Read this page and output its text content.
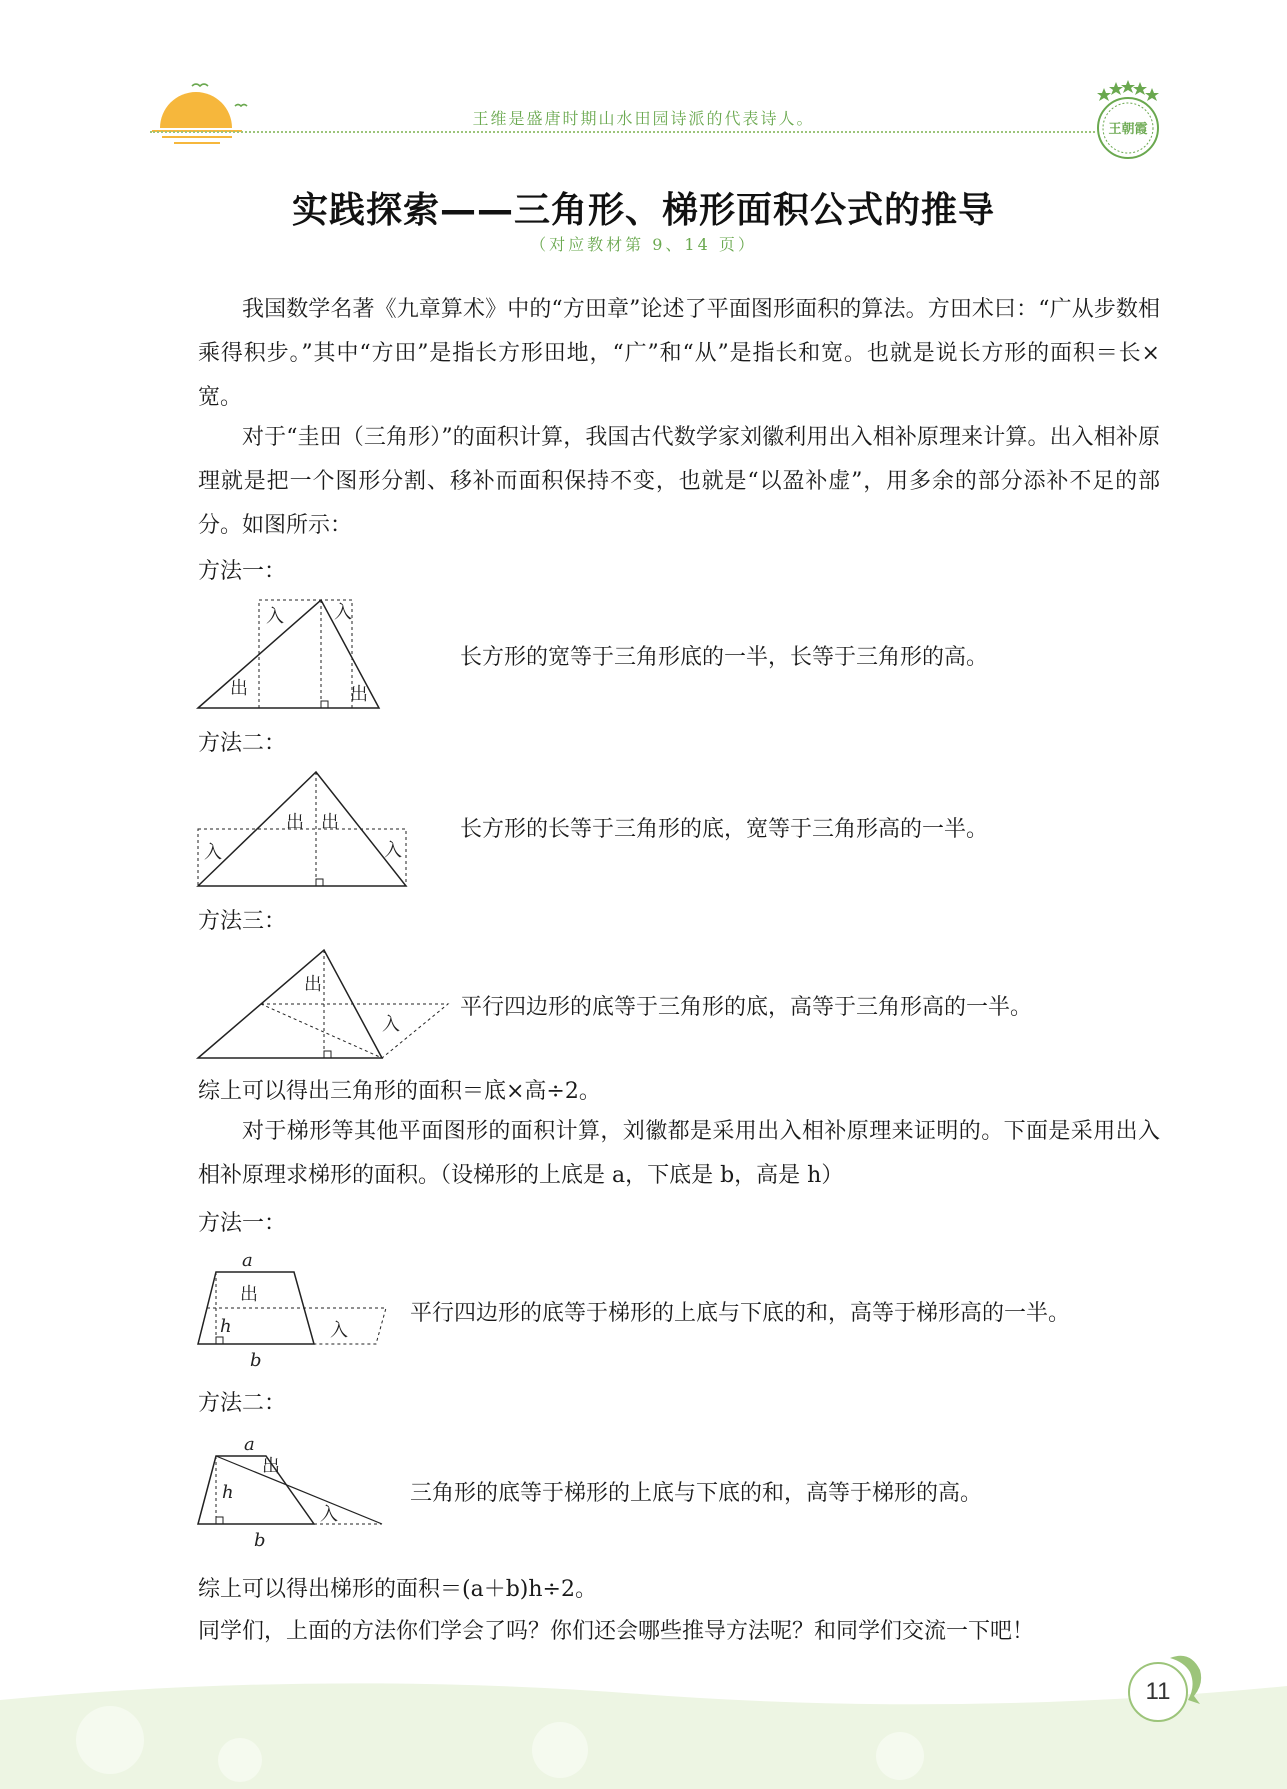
王维是盛唐时期山水田园诗派的代表诗人。
王朝霞
实践探索——三角形、梯形面积公式的推导
（对应教材第 9、14 页）
我国数学名著《九章算术》中的“方田章”论述了平面图形面积的算法。方田术曰：“广从步数相乘得积步。”其中“方田”是指长方形田地，“广”和“从”是指长和宽。也就是说长方形的面积＝长×宽。
对于“圭田（三角形）”的面积计算，我国古代数学家刘徽利用出入相补原理来计算。出入相补原理就是把一个图形分割、移补而面积保持不变，也就是“以盈补虚”，用多余的部分添补不足的部分。如图所示：
方法一：
入	入
出	出
长方形的宽等于三角形底的一半，长等于三角形的高。
方法二：
入
出 出
入
长方形的长等于三角形的底，宽等于三角形高的一半。
方法三：
出
入
平行四边形的底等于三角形的底，高等于三角形高的一半。
综上可以得出三角形的面积＝底×高÷2。
对于梯形等其他平面图形的面积计算，刘徽都是采用出入相补原理来证明的。下面是采用出入相补原理求梯形的面积。（设梯形的上底是 a，下底是 b，高是 h）
方法一：
a
出
h	入
b
平行四边形的底等于梯形的上底与下底的和，高等于梯形高的一半。
方法二：
a
出
h
入
b
三角形的底等于梯形的上底与下底的和，高等于梯形的高。
综上可以得出梯形的面积＝(a＋b)h÷2。
同学们，上面的方法你们学会了吗？你们还会哪些推导方法呢？和同学们交流一下吧！
11
